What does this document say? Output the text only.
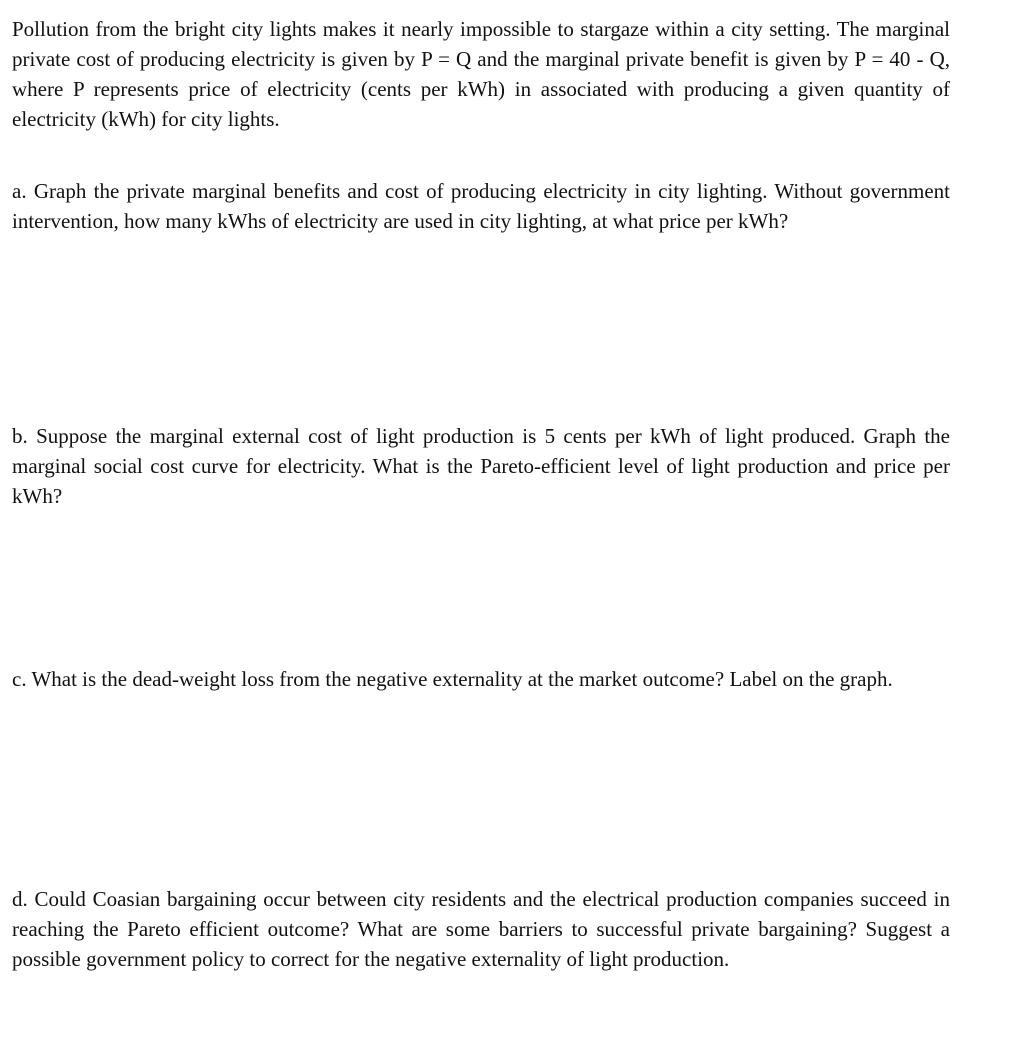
Pollution from the bright city lights makes it nearly impossible to stargaze within a city setting. The marginal private cost of producing electricity is given by P = Q and the marginal private benefit is given by P = 40 - Q, where P represents price of electricity (cents per kWh) in associated with producing a given quantity of electricity (kWh) for city lights.

a. Graph the private marginal benefits and cost of producing electricity in city lighting. Without government intervention, how many kWhs of electricity are used in city lighting, at what price per kWh?

b. Suppose the marginal external cost of light production is 5 cents per kWh of light produced. Graph the marginal social cost curve for electricity. What is the Pareto-efficient level of light production and price per kWh?

c. What is the dead-weight loss from the negative externality at the market outcome? Label on the graph.

d. Could Coasian bargaining occur between city residents and the electrical production companies succeed in reaching the Pareto efficient outcome? What are some barriers to successful private bargaining? Suggest a possible government policy to correct for the negative externality of light production.
